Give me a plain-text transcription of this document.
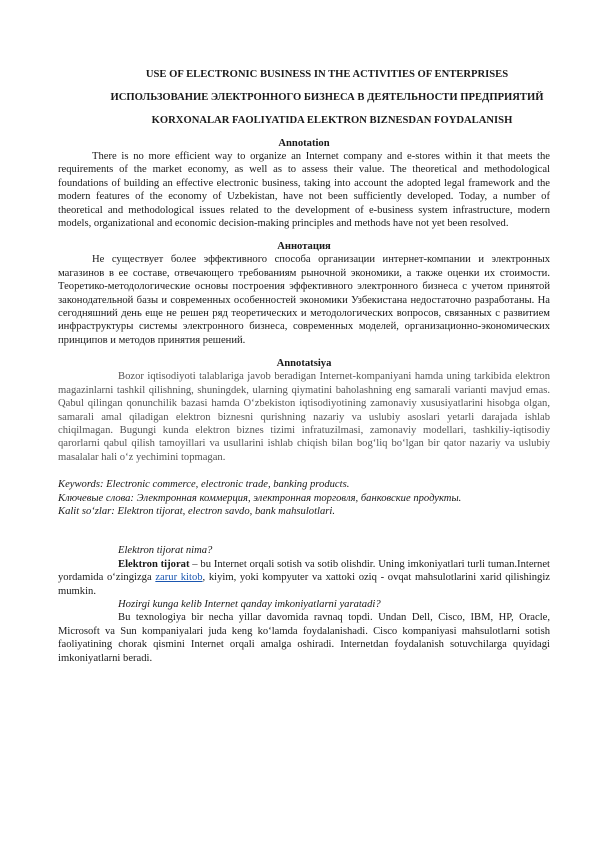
USE OF ELECTRONIC BUSINESS IN THE ACTIVITIES OF ENTERPRISES
ИСПОЛЬЗОВАНИЕ ЭЛЕКТРОННОГО БИЗНЕСА В ДЕЯТЕЛЬНОСТИ ПРЕДПРИЯТИЙ
KORXONALAR FAOLIYATIDA ELEKTRON BIZNESDAN FOYDALANISH
Annotation

There is no more efficient way to organize an Internet company and e-stores within it that meets the requirements of the market economy, as well as to assess their value. The theoretical and methodological foundations of building an effective electronic business, taking into account the adopted legal framework and the modern features of the economy of Uzbekistan, have not been sufficiently developed. Today, a number of theoretical and methodological issues related to the development of e-business system infrastructure, modern models, organizational and economic decision-making principles and methods have not yet been resolved.

Аннотация

Не существует более эффективного способа организации интернет-компании и электронных магазинов в ее составе, отвечающего требованиям рыночной экономики, а также оценки их стоимости. Теоретико-методологические основы построения эффективного электронного бизнеса с учетом принятой законодательной базы и современных особенностей экономики Узбекистана недостаточно разработаны. На сегодняшний день еще не решен ряд теоретических и методологических вопросов, связанных с развитием инфраструктуры системы электронного бизнеса, современных моделей, организационно-экономических принципов и методов принятия решений.

Annotatsiya

Bozor iqtisodiyoti talablariga javob beradigan Internet-kompaniyani hamda uning tarkibida elektron magazinlarni tashkil qilishning, shuningdek, ularning qiymatini baholashning eng samarali varianti mavjud emas. Qabul qilingan qonunchilik bazasi hamda O‘zbekiston iqtisodiyotining zamonaviy xususiyatlarini hisobga olgan, samarali amal qiladigan elektron biznesni qurishning nazariy va uslubiy asoslari yetarli darajada ishlab chiqilmagan. Bugungi kunda elektron biznes tizimi infratuzilmasi, zamonaviy modellari, tashkiliy-iqtisodiy qarorlarni qabul qilish tamoyillari va usullarini ishlab chiqish bilan bog‘liq bo‘lgan bir qator nazariy va uslubiy masalalar hali o‘z yechimini topmagan.

Keywords: Electronic commerce, electronic trade, banking products.

Ключевые слова: Электронная коммерция, электронная торговля, банковские продукты.

Kalit so‘zlar: Elektron tijorat, electron savdo, bank mahsulotlari.

Elektron tijorat nima?

Elektron tijorat – bu Internet orqali sotish va sotib olishdir. Uning imkoniyatlari turli tuman.Internet yordamida o‘zingizga zarur kitob, kiyim, yoki kompyuter va xattoki oziq - ovqat mahsulotlarini xarid qilishingiz mumkin.

Hozirgi kunga kelib Internet qanday imkoniyatlarni yaratadi?

Bu texnologiya bir necha yillar davomida ravnaq topdi. Undan Dell, Cisco, IBM, HP, Oracle, Microsoft va Sun kompaniyalari juda keng ko‘lamda foydalanishadi. Cisco kompaniyasi mahsulotlarni sotish faoliyatining chorak qismini Internet orqali amalga oshiradi. Internetdan foydalanish sotuvchilarga quyidagi imkoniyatlarni beradi.
